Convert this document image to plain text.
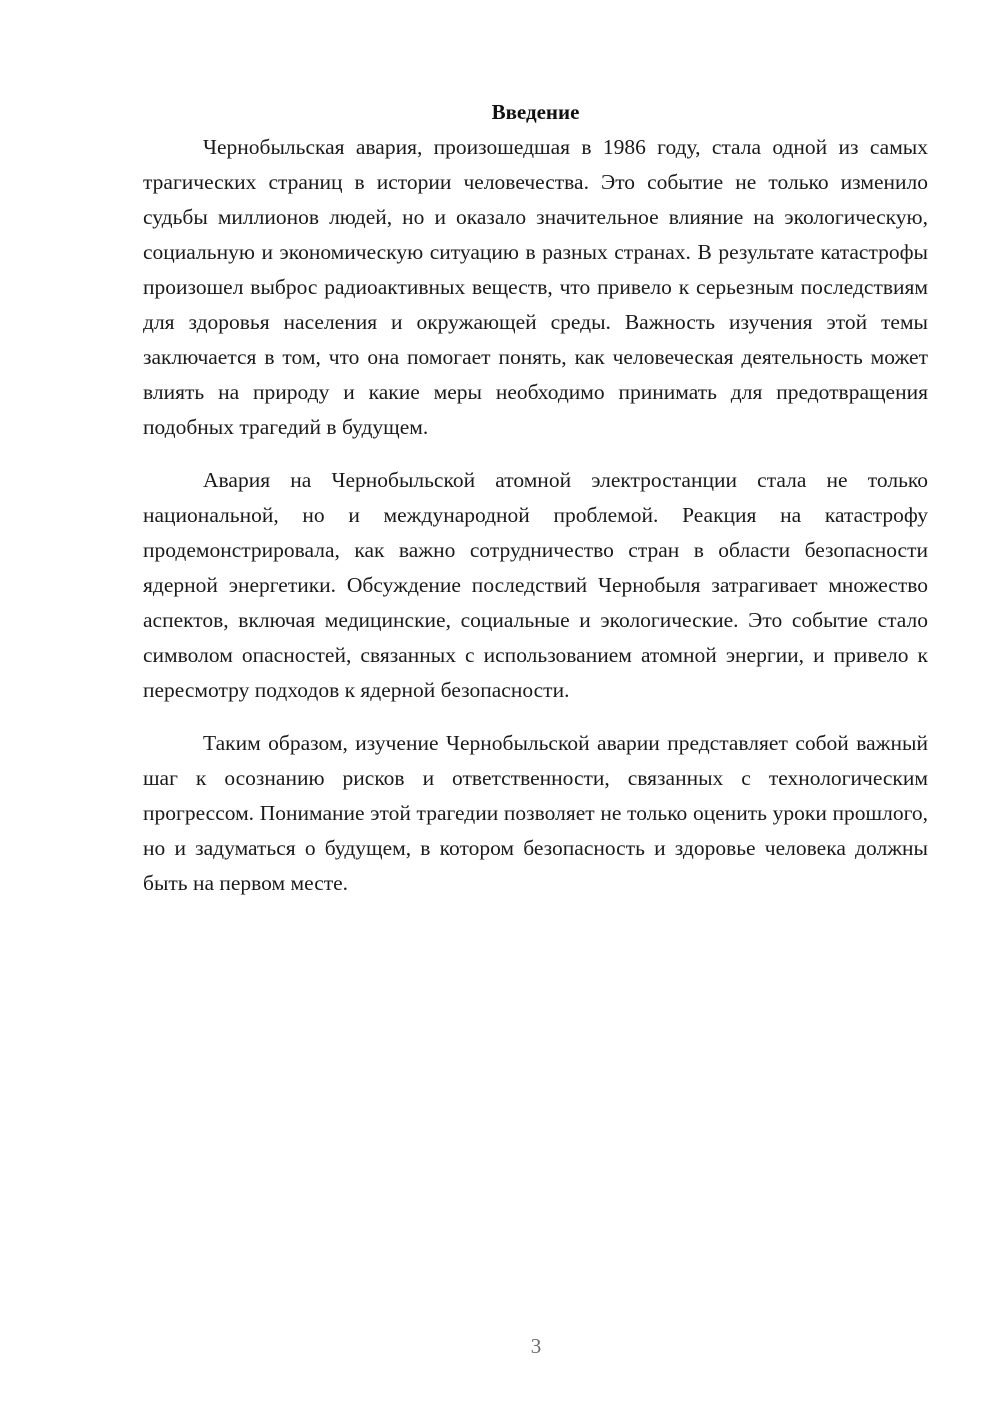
Введение

Чернобыльская авария, произошедшая в 1986 году, стала одной из самых трагических страниц в истории человечества. Это событие не только изменило судьбы миллионов людей, но и оказало значительное влияние на экологическую, социальную и экономическую ситуацию в разных странах. В результате катастрофы произошел выброс радиоактивных веществ, что привело к серьезным последствиям для здоровья населения и окружающей среды. Важность изучения этой темы заключается в том, что она помогает понять, как человеческая деятельность может влиять на природу и какие меры необходимо принимать для предотвращения подобных трагедий в будущем.

Авария на Чернобыльской атомной электростанции стала не только национальной, но и международной проблемой. Реакция на катастрофу продемонстрировала, как важно сотрудничество стран в области безопасности ядерной энергетики. Обсуждение последствий Чернобыля затрагивает множество аспектов, включая медицинские, социальные и экологические. Это событие стало символом опасностей, связанных с использованием атомной энергии, и привело к пересмотру подходов к ядерной безопасности.

Таким образом, изучение Чернобыльской аварии представляет собой важный шаг к осознанию рисков и ответственности, связанных с технологическим прогрессом. Понимание этой трагедии позволяет не только оценить уроки прошлого, но и задуматься о будущем, в котором безопасность и здоровье человека должны быть на первом месте.

3
